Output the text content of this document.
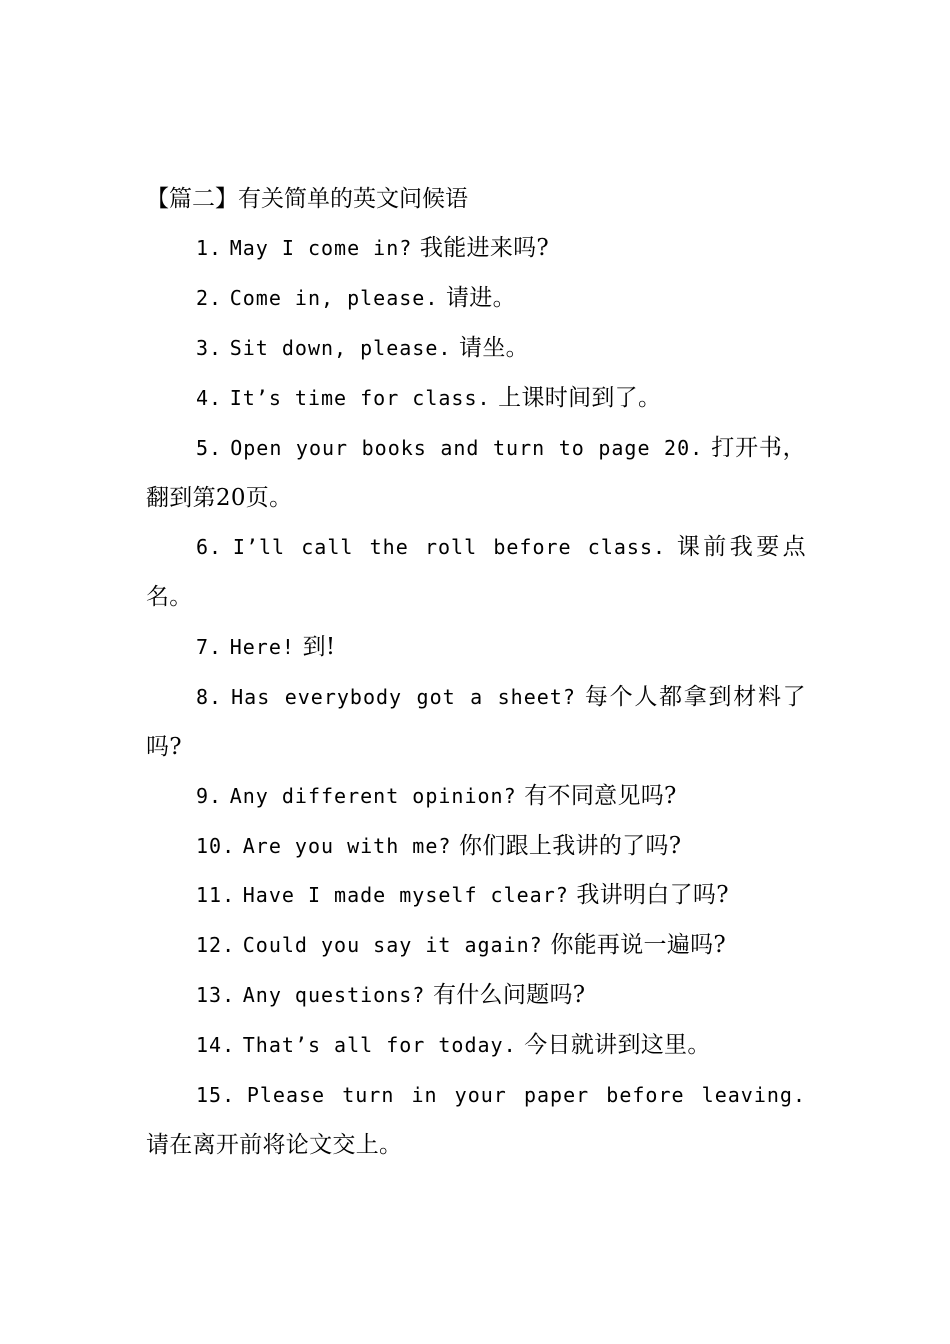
【篇二】有关简单的英文问候语
1. May I come in? 我能进来吗?
2. Come in, please. 请进。
3. Sit down, please. 请坐。
4. It’s time for class. 上课时间到了。
5. Open your books and turn to page 20. 打开书，翻到第20页。
6. I’ll call the roll before class. 课前我要点名。
7. Here! 到!
8. Has everybody got a sheet? 每个人都拿到材料了吗?
9. Any different opinion? 有不同意见吗?
10. Are you with me? 你们跟上我讲的了吗?
11. Have I made myself clear? 我讲明白了吗?
12. Could you say it again? 你能再说一遍吗?
13. Any questions? 有什么问题吗?
14. That’s all for today. 今日就讲到这里。
15. Please turn in your paper before leaving. 请在离开前将论文交上。
